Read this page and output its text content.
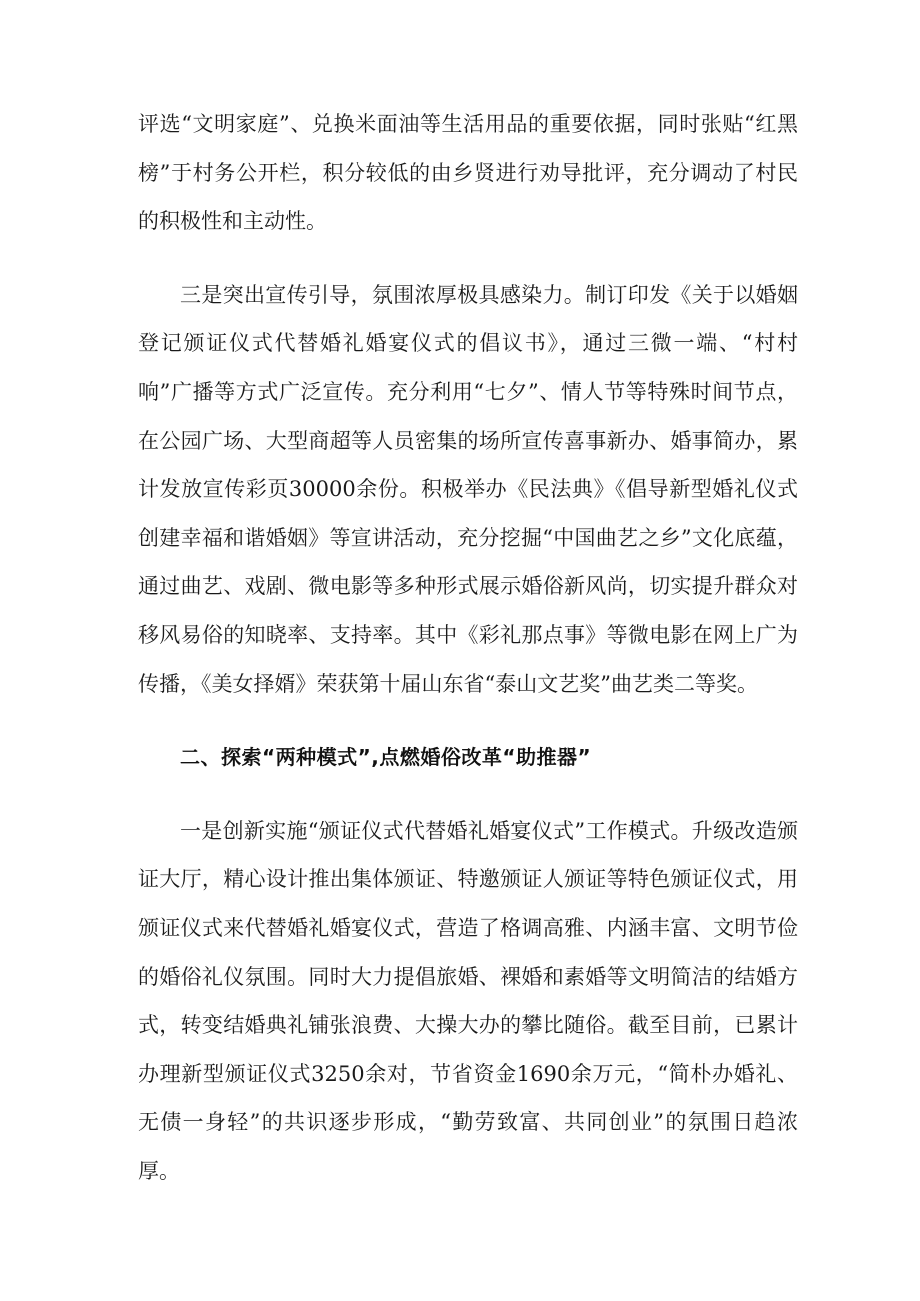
评选“文明家庭”、兑换米面油等生活用品的重要依据，同时张贴“红黑榜”于村务公开栏，积分较低的由乡贤进行劝导批评，充分调动了村民的积极性和主动性。

三是突出宣传引导，氛围浓厚极具感染力。制订印发《关于以婚姻登记颁证仪式代替婚礼婚宴仪式的倡议书》，通过三微一端、“村村响”广播等方式广泛宣传。充分利用“七夕”、情人节等特殊时间节点，在公园广场、大型商超等人员密集的场所宣传喜事新办、婚事简办，累计发放宣传彩页30000余份。积极举办《民法典》《倡导新型婚礼仪式创建幸福和谐婚姻》等宣讲活动，充分挖掘“中国曲艺之乡”文化底蕴，通过曲艺、戏剧、微电影等多种形式展示婚俗新风尚，切实提升群众对移风易俗的知晓率、支持率。其中《彩礼那点事》等微电影在网上广为传播，《美女择婿》荣获第十届山东省“泰山文艺奖”曲艺类二等奖。

二、探索“两种模式”,点燃婚俗改革“助推器”

一是创新实施“颁证仪式代替婚礼婚宴仪式”工作模式。升级改造颁证大厅，精心设计推出集体颁证、特邀颁证人颁证等特色颁证仪式，用颁证仪式来代替婚礼婚宴仪式，营造了格调高雅、内涵丰富、文明节俭的婚俗礼仪氛围。同时大力提倡旅婚、裸婚和素婚等文明简洁的结婚方式，转变结婚典礼铺张浪费、大操大办的攀比随俗。截至目前，已累计办理新型颁证仪式3250余对，节省资金1690余万元，“简朴办婚礼、无债一身轻”的共识逐步形成，“勤劳致富、共同创业”的氛围日趋浓厚。
